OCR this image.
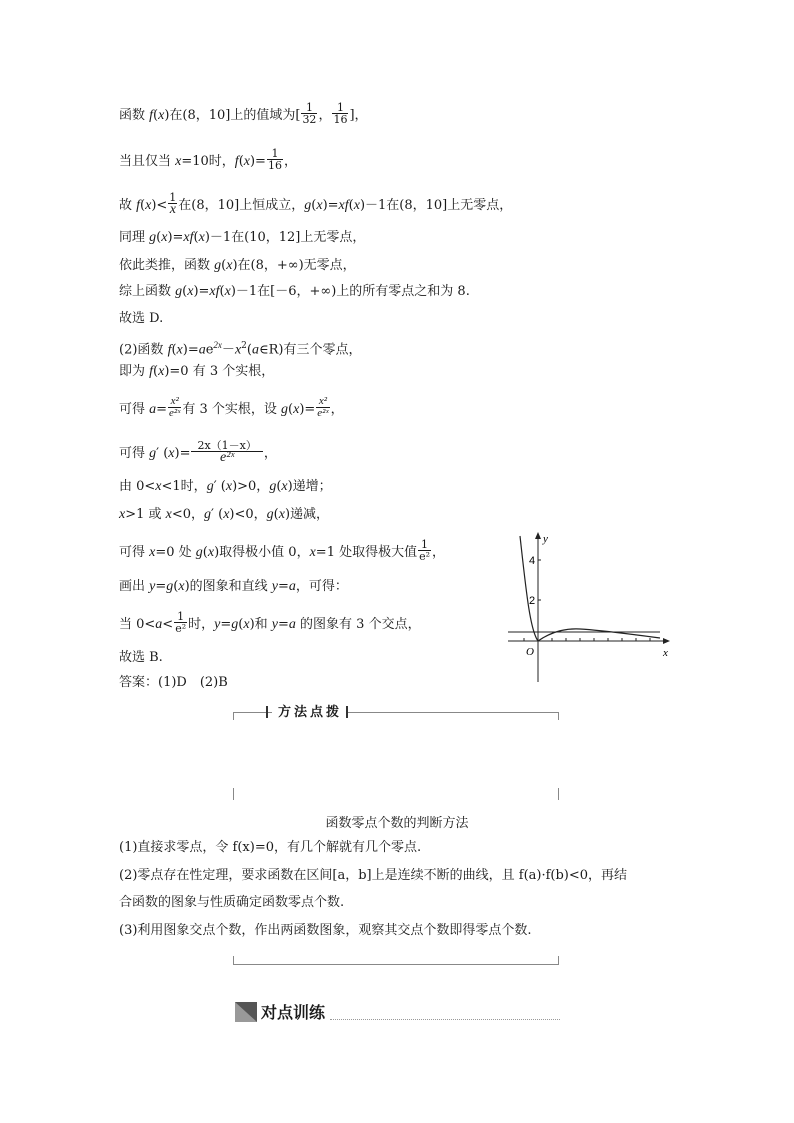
函数 f(x)在(8，10]上的值域为[ $\frac{1}{32}$ ， $\frac{1}{16}$ ]，
当且仅当 x=10时，$f(x)= \frac{1}{16}$ ，
故 $f(x)< \frac{1}{x}$ 在(8，10]上恒成立，g(x)=xf(x)－1在(8，10]上无零点，
同理 g(x)=xf(x)－1在(10，12]上无零点，
依此类推，函数 g(x)在(8，+∞)无零点，
综上函数 g(x)=xf(x)－1在[－6，+∞)上的所有零点之和为 8.
故选 D.
(2)函数 $f(x)=ae^{2x}-x^2(a\in R)$有三个零点，
即为 f(x)=0 有 3 个实根，
可得 $a= \frac{\text{x²}}{\text{e²ˣ}}$ 有 3 个实根，设 $g(x)= \frac{\text{x²}}{\text{e²ˣ}}$ ，
可得 g′ $(x)= \frac{2x(1-x)}{\text{e²ˣ}}$ ，
由 0<x<1时，g′ (x)>0，g(x)递增；
x>1 或 x<0，g′ (x)<0，g(x)递减，
可得 x=0 处 g(x)取得极小值 0，x=1 处取得极大值 $\frac{1}{\text{e²}}$ ，
画出 y=g(x)的图象和直线 y=a，可得：
当 $0<a< \frac{1}{\text{e²}}$ 时，y=g(x)和 y=a 的图象有 3 个交点，
故选 B.
答案：(1)D　(2)B
y
x
O
4
2
方法点拨
函数零点个数的判断方法
(1)直接求零点，令 f(x)=0，有几个解就有几个零点.
(2)零点存在性定理，要求函数在区间[a，b]上是连续不断的曲线，且 f(a)·f(b)<0，再结
合函数的图象与性质确定函数零点个数.
(3)利用图象交点个数，作出两函数图象，观察其交点个数即得零点个数.
对点训练
